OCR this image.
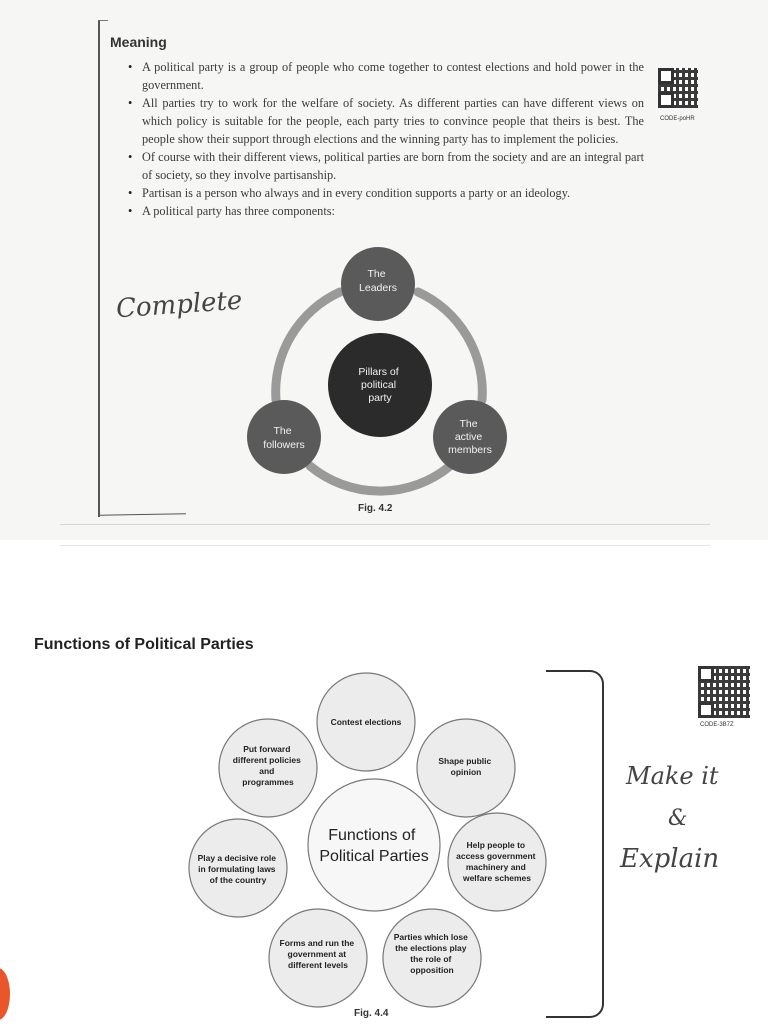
Meaning
• A political party is a group of people who come together to contest elections and hold power in the government.
• All parties try to work for the welfare of society. As different parties can have different views on which policy is suitable for the people, each party tries to convince people that theirs is best. The people show their support through elections and the winning party has to implement the policies.
• Of course with their different views, political parties are born from the society and are an integral part of society, so they involve partisanship.
• Partisan is a person who always and in every condition supports a party or an ideology.
• A political party has three components:
CODE-poHR
Pillars of political party
The Leaders
The active members
The followers
Fig. 4.2
Complete
Functions of Political Parties
CODE-3B7Z
Make it
&
Explain
Functions of Political Parties
Contest elections
Shape public opinion
Help people to access government machinery and welfare schemes
Parties which lose the elections play the role of opposition
Forms and run the government at different levels
Play a decisive role in formulating laws of the country
Put forward different policies and programmes
Fig. 4.4
